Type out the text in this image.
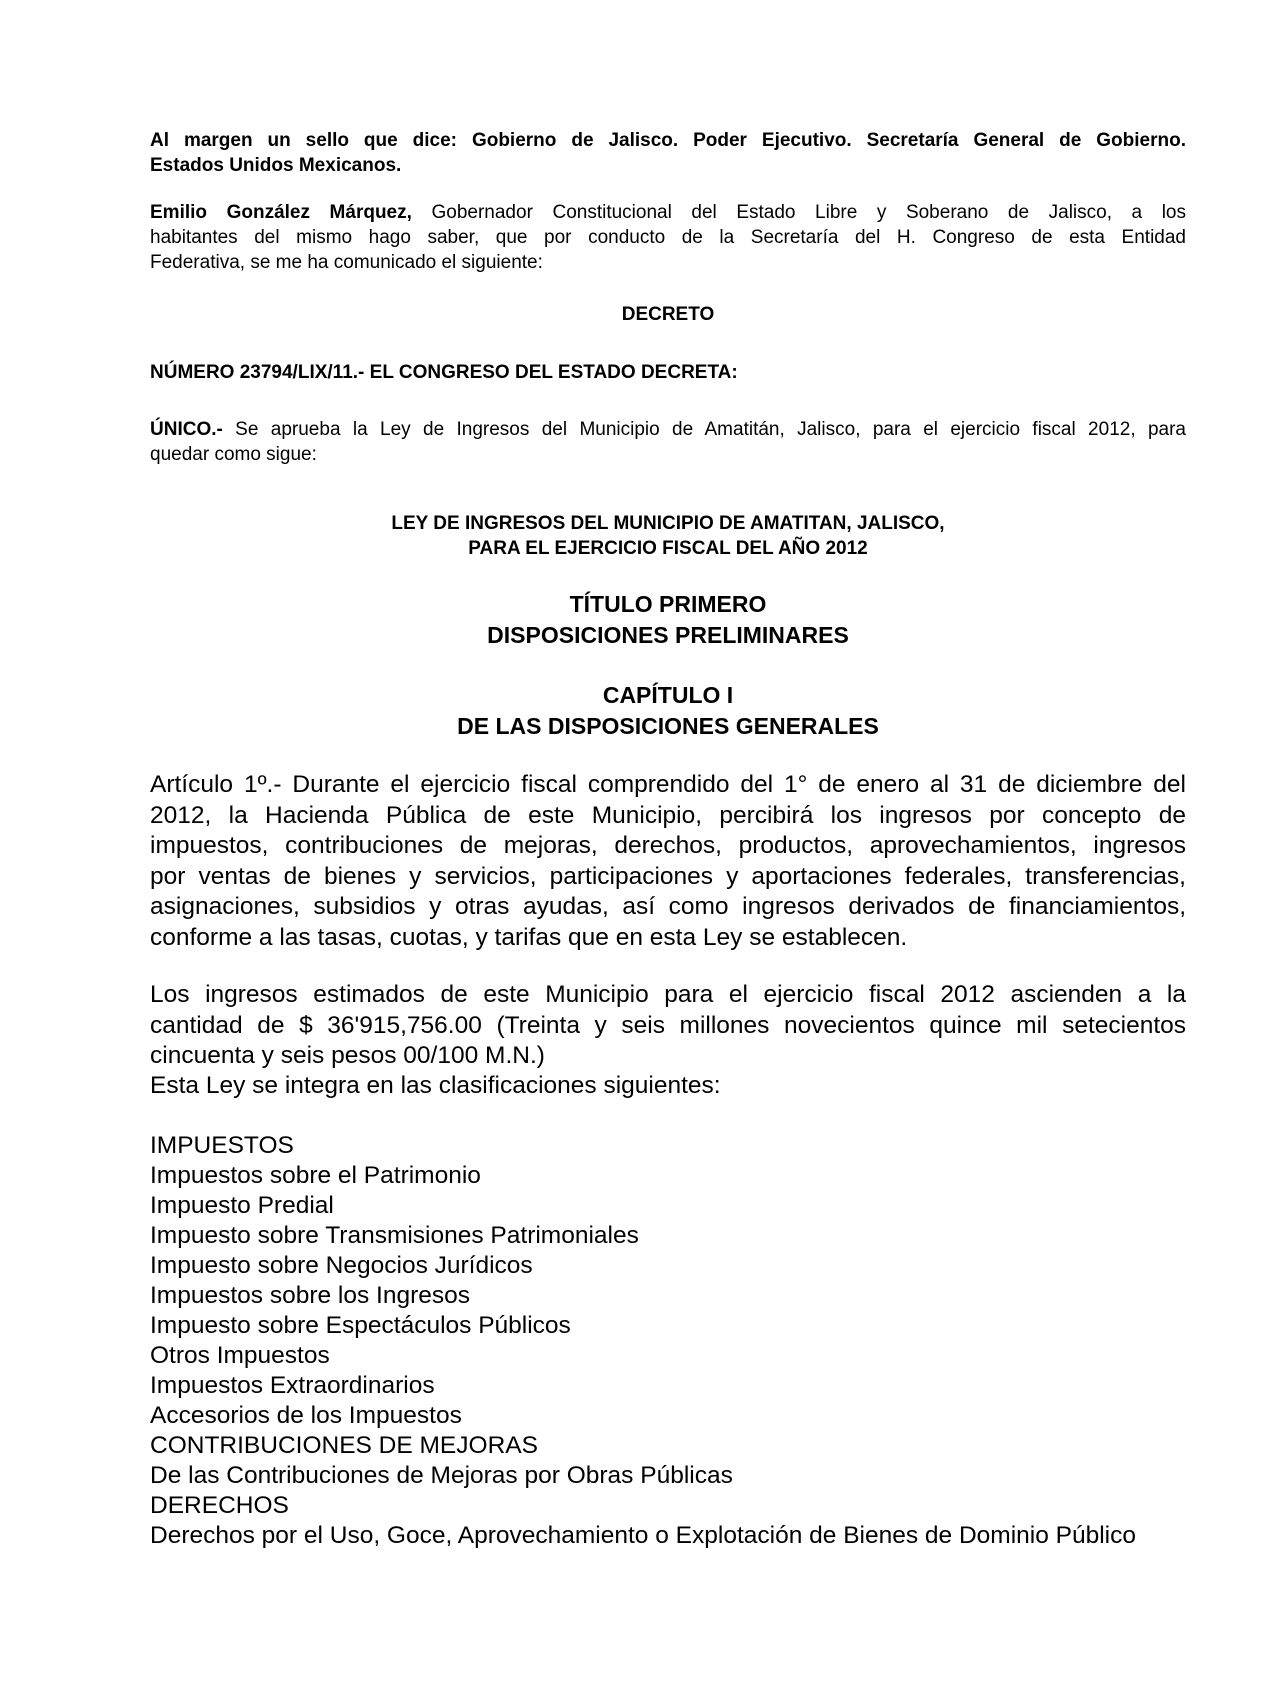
Al margen un sello que dice: Gobierno de Jalisco. Poder Ejecutivo. Secretaría General de Gobierno.
Estados Unidos Mexicanos.
Emilio González Márquez, Gobernador Constitucional del Estado Libre y Soberano de Jalisco, a los
habitantes del mismo hago saber, que por conducto de la Secretaría del H. Congreso de esta Entidad
Federativa, se me ha comunicado el siguiente:
DECRETO
NÚMERO 23794/LIX/11.- EL CONGRESO DEL ESTADO DECRETA:
ÚNICO.- Se aprueba la Ley de Ingresos del Municipio de Amatitán, Jalisco, para el ejercicio fiscal 2012, para
quedar como sigue:
LEY DE INGRESOS DEL MUNICIPIO DE AMATITAN, JALISCO,
PARA EL EJERCICIO FISCAL DEL AÑO 2012
TÍTULO PRIMERO
DISPOSICIONES PRELIMINARES
CAPÍTULO I
DE LAS DISPOSICIONES GENERALES
Artículo 1º.- Durante el ejercicio fiscal comprendido del 1° de enero al 31 de diciembre del
2012, la Hacienda Pública de este Municipio, percibirá los ingresos por concepto de
impuestos, contribuciones de mejoras, derechos, productos, aprovechamientos, ingresos
por ventas de bienes y servicios, participaciones y aportaciones federales, transferencias,
asignaciones, subsidios y otras ayudas, así como ingresos derivados de financiamientos,
conforme a las tasas, cuotas, y tarifas que en esta Ley se establecen.
Los ingresos estimados de este Municipio para el ejercicio fiscal 2012 ascienden a la
cantidad de $ 36'915,756.00 (Treinta y seis millones novecientos quince mil setecientos
cincuenta y seis pesos 00/100 M.N.)
Esta Ley se integra en las clasificaciones siguientes:
IMPUESTOS
Impuestos sobre el Patrimonio
Impuesto Predial
Impuesto sobre Transmisiones Patrimoniales
Impuesto sobre Negocios Jurídicos
Impuestos sobre los Ingresos
Impuesto sobre Espectáculos Públicos
Otros Impuestos
Impuestos Extraordinarios
Accesorios de los Impuestos
CONTRIBUCIONES DE MEJORAS
De las Contribuciones de Mejoras por Obras Públicas
DERECHOS
Derechos por el Uso, Goce, Aprovechamiento o Explotación de Bienes de Dominio Público
